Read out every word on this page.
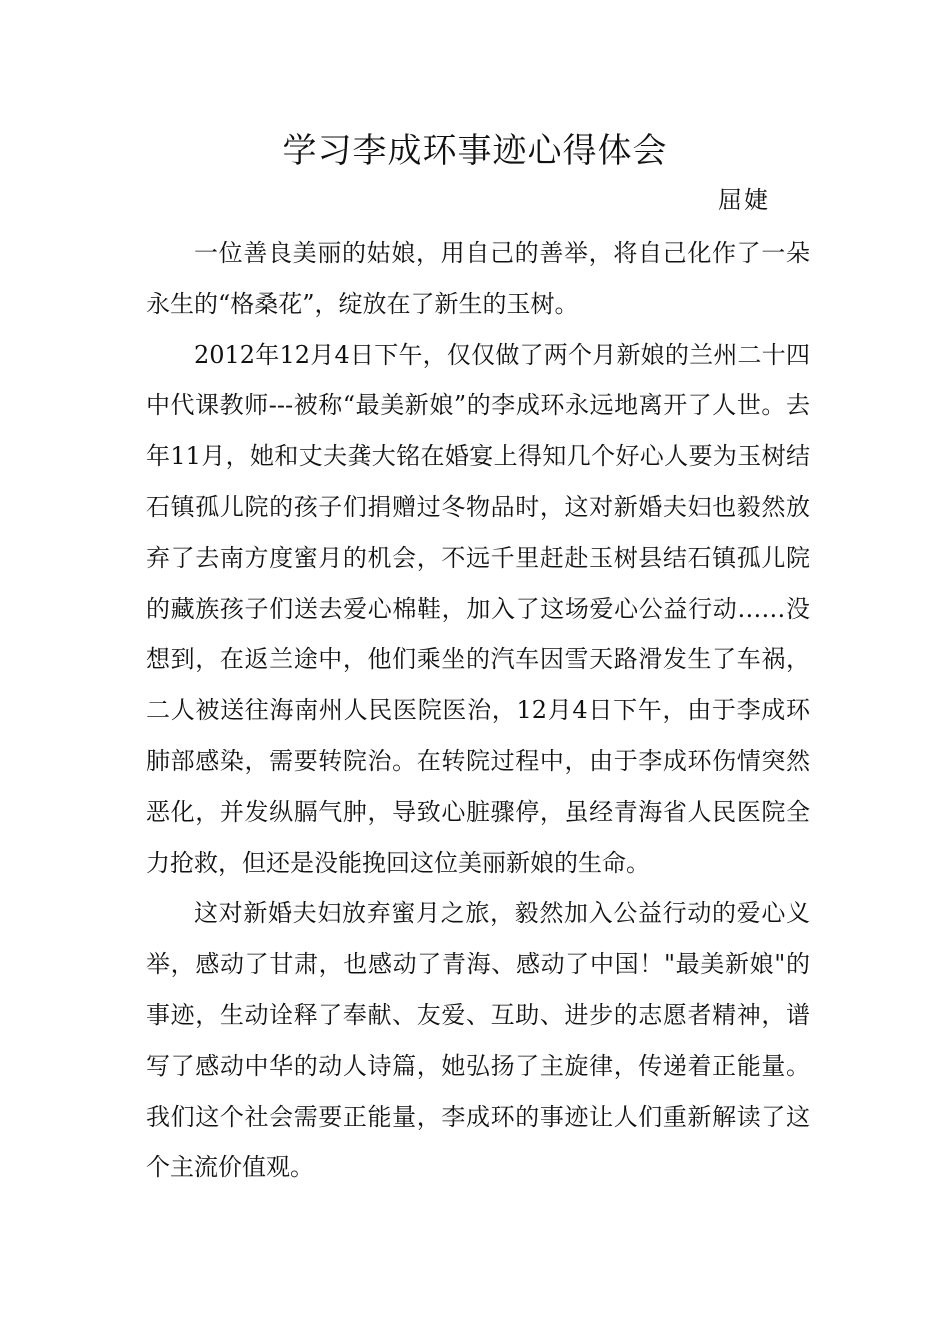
学习李成环事迹心得体会
屈婕

一位善良美丽的姑娘，用自己的善举，将自己化作了一朵永生的“格桑花”，绽放在了新生的玉树。

2012年12月4日下午，仅仅做了两个月新娘的兰州二十四中代课教师---被称“最美新娘”的李成环永远地离开了人世。去年11月，她和丈夫龚大铭在婚宴上得知几个好心人要为玉树结石镇孤儿院的孩子们捐赠过冬物品时，这对新婚夫妇也毅然放弃了去南方度蜜月的机会，不远千里赶赴玉树县结石镇孤儿院的藏族孩子们送去爱心棉鞋，加入了这场爱心公益行动……没想到，在返兰途中，他们乘坐的汽车因雪天路滑发生了车祸，二人被送往海南州人民医院医治，12月4日下午，由于李成环肺部感染，需要转院治。在转院过程中，由于李成环伤情突然恶化，并发纵膈气肿，导致心脏骤停，虽经青海省人民医院全力抢救，但还是没能挽回这位美丽新娘的生命。

这对新婚夫妇放弃蜜月之旅，毅然加入公益行动的爱心义举，感动了甘肃，也感动了青海、感动了中国！"最美新娘"的事迹，生动诠释了奉献、友爱、互助、进步的志愿者精神，谱写了感动中华的动人诗篇，她弘扬了主旋律，传递着正能量。我们这个社会需要正能量，李成环的事迹让人们重新解读了这个主流价值观。
